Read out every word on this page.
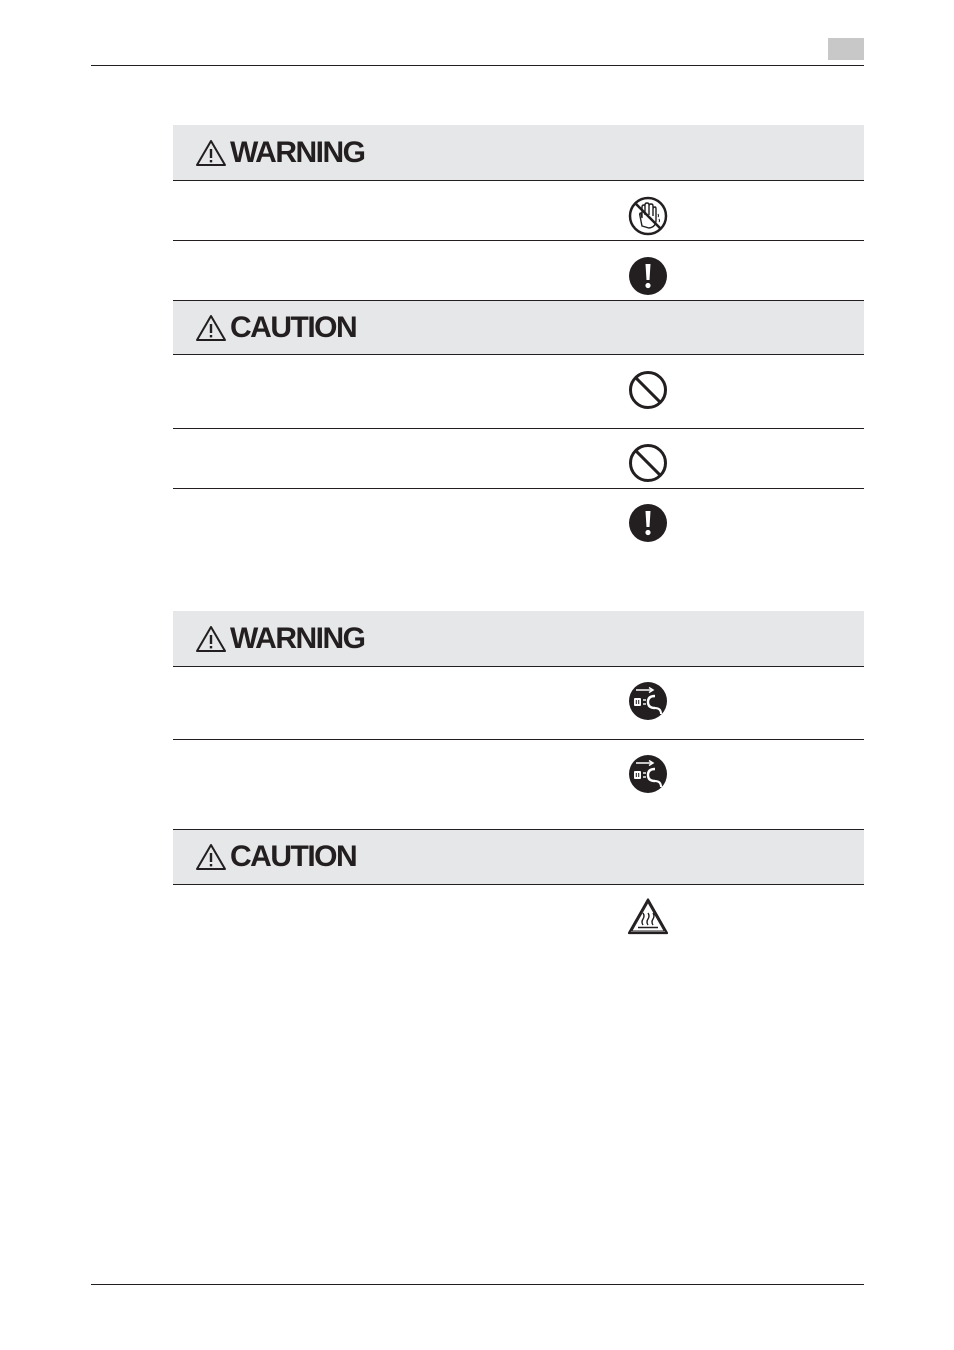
WARNING
CAUTION
WARNING
CAUTION
